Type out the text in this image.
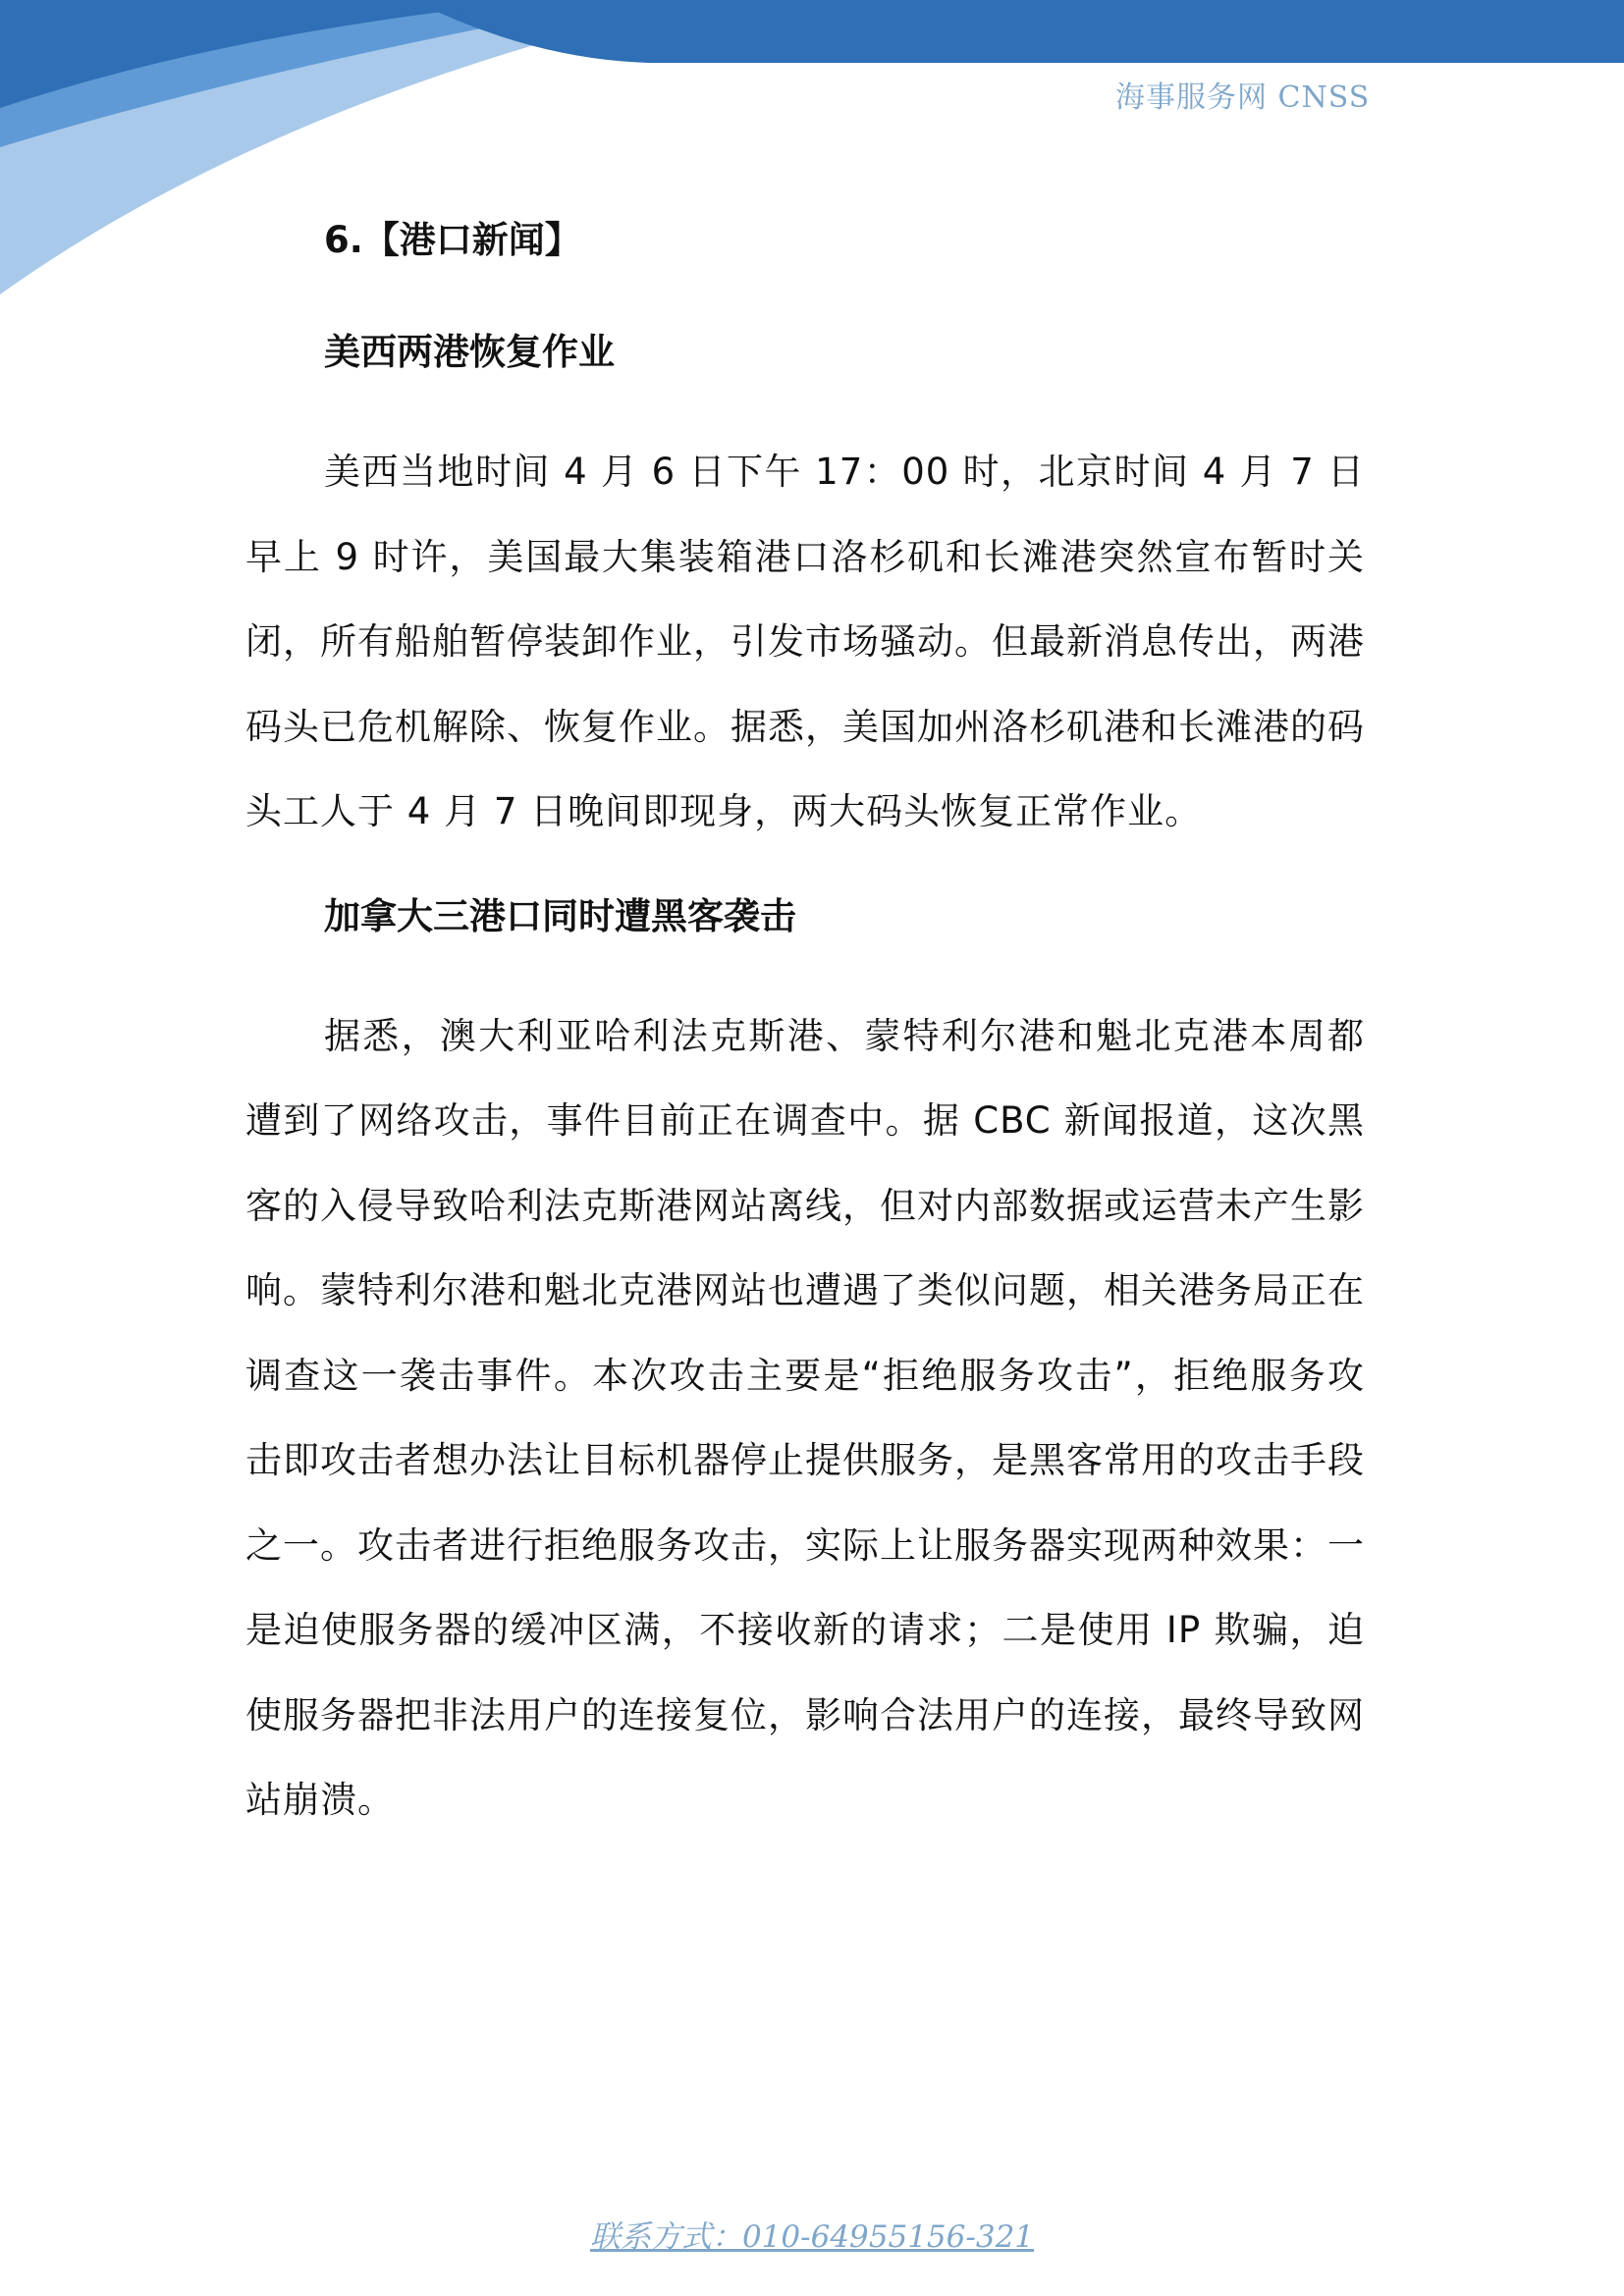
海事服务网 CNSS
6.【港口新闻】
美西两港恢复作业

美西当地时间 4 月 6 日下午 17：00 时，北京时间 4 月 7 日早上 9 时许，美国最大集装箱港口洛杉矶和长滩港突然宣布暂时关闭，所有船舶暂停装卸作业，引发市场骚动。但最新消息传出，两港码头已危机解除、恢复作业。据悉，美国加州洛杉矶港和长滩港的码头工人于 4 月 7 日晚间即现身，两大码头恢复正常作业。

加拿大三港口同时遭黑客袭击

据悉，澳大利亚哈利法克斯港、蒙特利尔港和魁北克港本周都遭到了网络攻击，事件目前正在调查中。据 CBC 新闻报道，这次黑客的入侵导致哈利法克斯港网站离线，但对内部数据或运营未产生影响。蒙特利尔港和魁北克港网站也遭遇了类似问题，相关港务局正在调查这一袭击事件。本次攻击主要是“拒绝服务攻击”，拒绝服务攻击即攻击者想办法让目标机器停止提供服务，是黑客常用的攻击手段之一。攻击者进行拒绝服务攻击，实际上让服务器实现两种效果：一是迫使服务器的缓冲区满，不接收新的请求；二是使用 IP 欺骗，迫使服务器把非法用户的连接复位，影响合法用户的连接，最终导致网站崩溃。

联系方式：010-64955156-321
